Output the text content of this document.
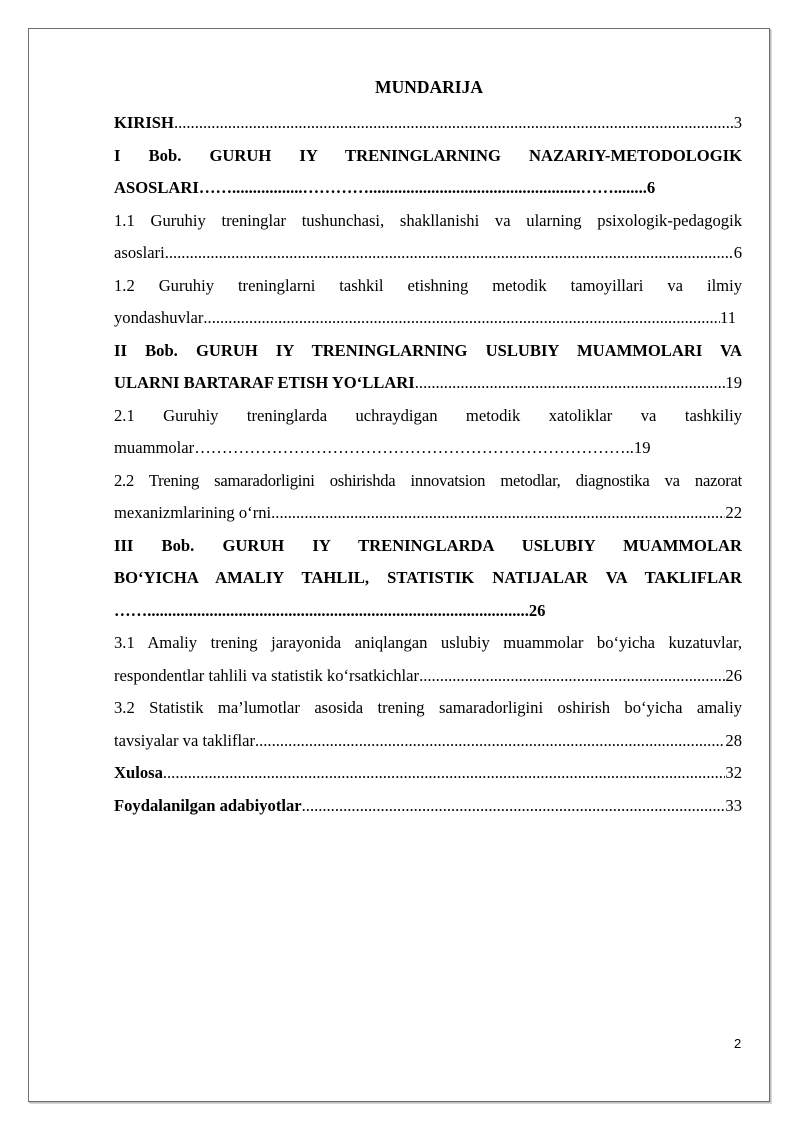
MUNDARIJA
KIRISH .....	3
I Bob. GURUH IY TRENINGLARNING NAZARIY-METODOLOGIK
ASOSLARI …….................…………...................................................……........ 6
1.1 Guruhiy treninglar tushunchasi, shakllanishi va ularning psixologik-pedagogik
asoslari .....	6
1.2 Guruhiy treninglarni tashkil etishning metodik tamoyillari va ilmiy
yondashuvlar .....	11
II Bob. GURUH IY TRENINGLARNING USLUBIY MUAMMOLARI VA
ULARNI BARTARAF ETISH YO‘LLARI .....	19
2.1 Guruhiy treninglarda uchraydigan metodik xatoliklar va tashkiliy
muammolar …………………………………………………………………….. 19
2.2 Trening samaradorligini oshirishda innovatsion metodlar, diagnostika va nazorat
mexanizmlarining o‘rni .....	22
III Bob. GURUH IY TRENINGLARDA USLUBIY MUAMMOLAR
BO‘YICHA AMALIY TAHLIL, STATISTIK NATIJALAR VA TAKLIFLAR
……............................................................................................ 26
3.1 Amaliy trening jarayonida aniqlangan uslubiy muammolar bo‘yicha kuzatuvlar,
respondentlar tahlili va statistik ko‘rsatkichlar .....	26
3.2 Statistik ma’lumotlar asosida trening samaradorligini oshirish bo‘yicha amaliy
tavsiyalar va takliflar .....	28
Xulosa .....	32
Foydalanilgan adabiyotlar .....	33
2
